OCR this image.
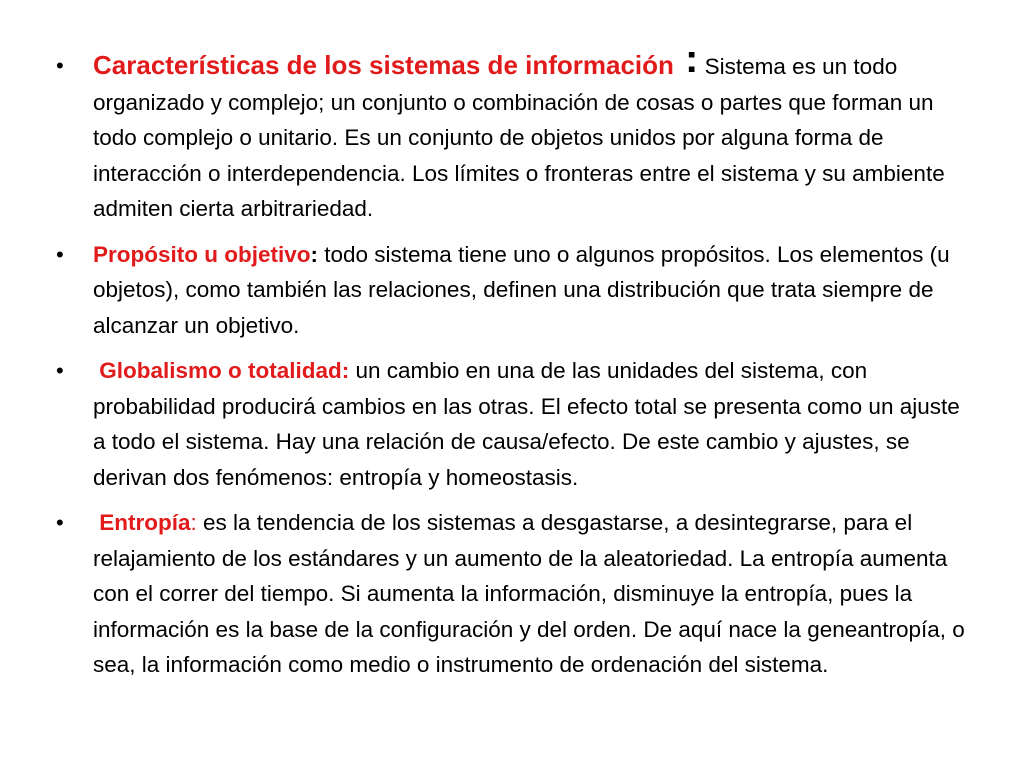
• Características de los sistemas de información : Sistema es un todo organizado y complejo; un conjunto o combinación de cosas o partes que forman un todo complejo o unitario. Es un conjunto de objetos unidos por alguna forma de interacción o interdependencia. Los límites o fronteras entre el sistema y su ambiente admiten cierta arbitrariedad.
• Propósito u objetivo: todo sistema tiene uno o algunos propósitos. Los elementos (u objetos), como también las relaciones, definen una distribución que trata siempre de alcanzar un objetivo.
• Globalismo o totalidad: un cambio en una de las unidades del sistema, con probabilidad producirá cambios en las otras. El efecto total se presenta como un ajuste a todo el sistema. Hay una relación de causa/efecto. De este cambio y ajustes, se derivan dos fenómenos: entropía y homeostasis.
• Entropía: es la tendencia de los sistemas a desgastarse, a desintegrarse, para el relajamiento de los estándares y un aumento de la aleatoriedad. La entropía aumenta con el correr del tiempo. Si aumenta la información, disminuye la entropía, pues la información es la base de la configuración y del orden. De aquí nace la geneantropía, o sea, la información como medio o instrumento de ordenación del sistema.
